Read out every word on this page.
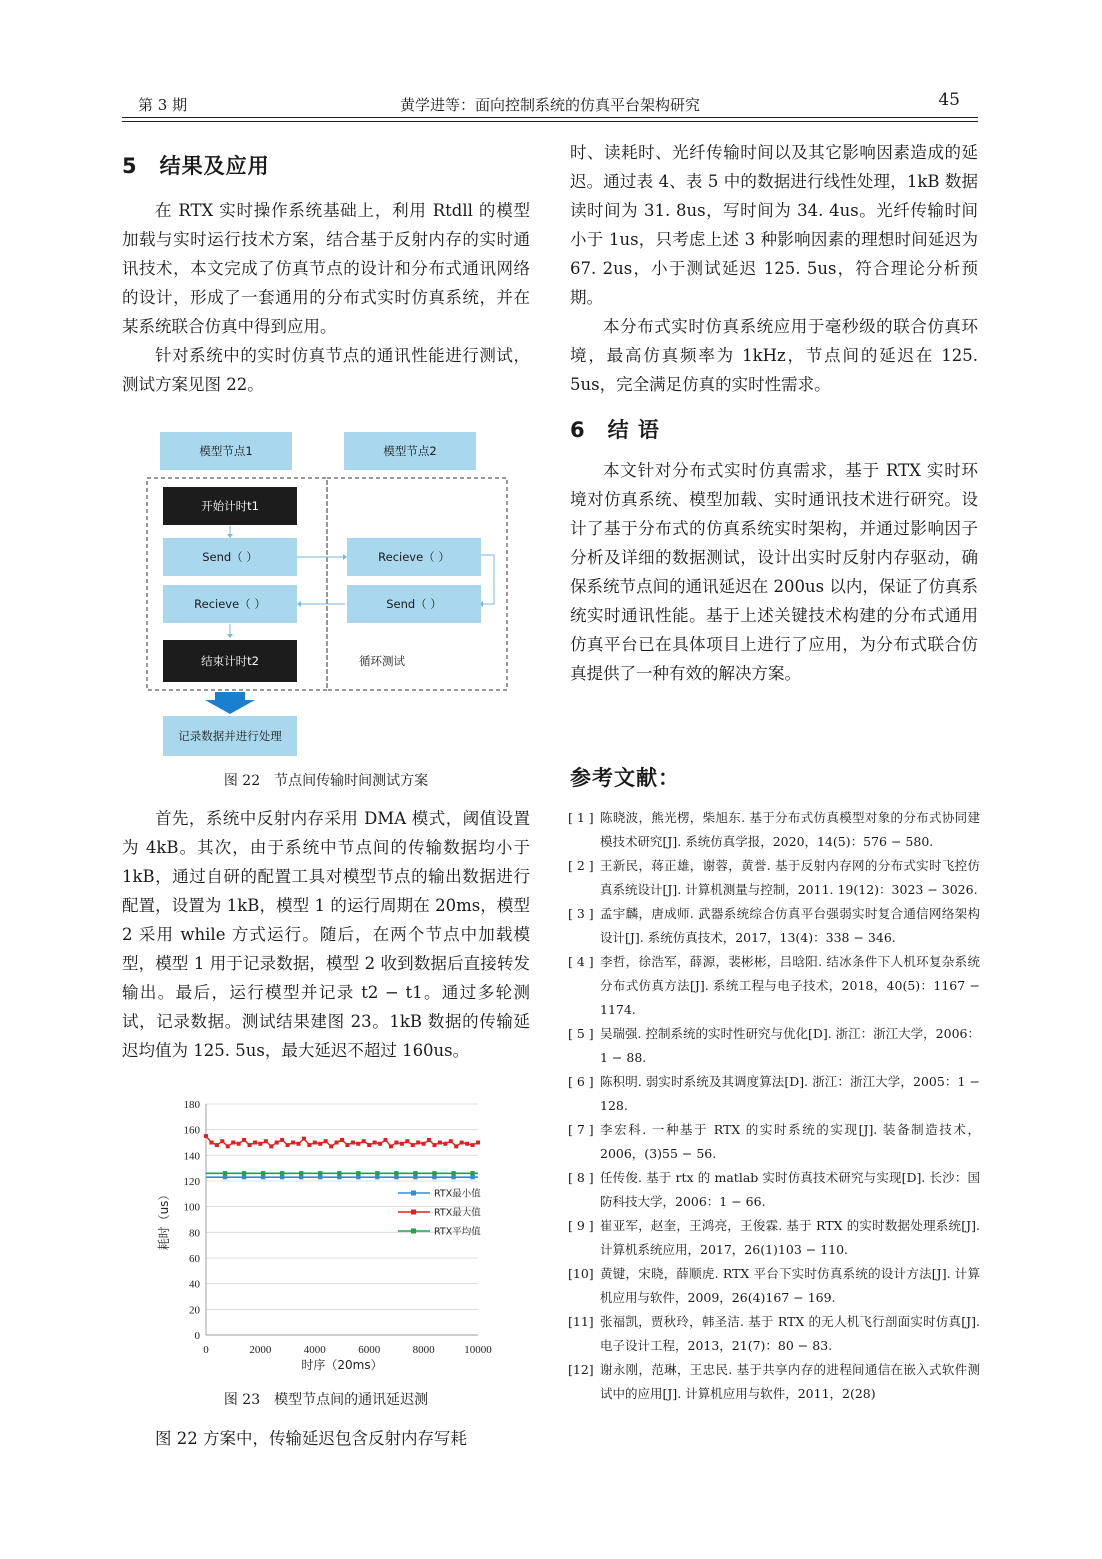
第 3 期	黄学进等：面向控制系统的仿真平台架构研究	45
5　结果及应用

在 RTX 实时操作系统基础上，利用 Rtdll 的模型加载与实时运行技术方案，结合基于反射内存的实时通讯技术，本文完成了仿真节点的设计和分布式通讯网络的设计，形成了一套通用的分布式实时仿真系统，并在某系统联合仿真中得到应用。

针对系统中的实时仿真节点的通讯性能进行测试，测试方案见图 22。

模型节点1	模型节点2
开始计时t1
Send（ ）	Recieve（ ）
Recieve（ ）	Send（ ）
结束计时t2	循环测试
记录数据并进行处理
图 22　节点间传输时间测试方案

首先，系统中反射内存采用 DMA 模式，阈值设置为 4kB。其次，由于系统中节点间的传输数据均小于 1kB，通过自研的配置工具对模型节点的输出数据进行配置，设置为 1kB，模型 1 的运行周期在 20ms，模型 2 采用 while 方式运行。随后，在两个节点中加载模型，模型 1 用于记录数据，模型 2 收到数据后直接转发输出。最后，运行模型并记录 t2 − t1。通过多轮测试，记录数据。测试结果建图 23。1kB 数据的传输延迟均值为 125. 5us，最大延迟不超过 160us。

0
20
40
60
80
100
120
140
160
180
0	2000	4000	6000	8000	10000
时序（20ms）
耗时（us）	RTX最小值
RTX最大值
RTX平均值
图 23　模型节点间的通讯延迟测

图 22 方案中，传输延迟包含反射内存写耗

时、读耗时、光纤传输时间以及其它影响因素造成的延迟。通过表 4、表 5 中的数据进行线性处理，1kB 数据读时间为 31. 8us，写时间为 34. 4us。光纤传输时间小于 1us，只考虑上述 3 种影响因素的理想时间延迟为 67. 2us，小于测试延迟 125. 5us，符合理论分析预期。

本分布式实时仿真系统应用于毫秒级的联合仿真环境，最高仿真频率为 1kHz，节点间的延迟在 125. 5us，完全满足仿真的实时性需求。

6　结 语

本文针对分布式实时仿真需求，基于 RTX 实时环境对仿真系统、模型加载、实时通讯技术进行研究。设计了基于分布式的仿真系统实时架构，并通过影响因子分析及详细的数据测试，设计出实时反射内存驱动，确保系统节点间的通讯延迟在 200us 以内，保证了仿真系统实时通讯性能。基于上述关键技术构建的分布式通用仿真平台已在具体项目上进行了应用，为分布式联合仿真提供了一种有效的解决方案。

参考文献：

[ 1 ] 陈晓波，熊光楞，柴旭东. 基于分布式仿真模型对象的分布式协同建模技术研究[J]. 系统仿真学报，2020，14(5)：576 − 580.

[ 2 ] 王新民，蒋正雄，谢蓉，黄誉. 基于反射内存网的分布式实时飞控仿真系统设计[J]. 计算机测量与控制，2011. 19(12)：3023 − 3026.

[ 3 ] 孟宇麟，唐成师. 武器系统综合仿真平台强弱实时复合通信网络架构设计[J]. 系统仿真技术，2017，13(4)：338 − 346.

[ 4 ] 李哲，徐浩军，薛源，裴彬彬，吕晗阳. 结冰条件下人机环复杂系统分布式仿真方法[J]. 系统工程与电子技术，2018，40(5)：1167 − 1174.

[ 5 ] 吴瑞强. 控制系统的实时性研究与优化[D]. 浙江：浙江大学，2006：1 − 88.

[ 6 ] 陈积明. 弱实时系统及其调度算法[D]. 浙江：浙江大学，2005：1 − 128.

[ 7 ] 李宏科. 一种基于 RTX 的实时系统的实现[J]. 装备制造技术，2006，(3)55 − 56.

[ 8 ] 任传俊. 基于 rtx 的 matlab 实时仿真技术研究与实现[D]. 长沙：国防科技大学，2006：1 − 66.

[ 9 ] 崔亚军，赵奎，王鸿亮，王俊霖. 基于 RTX 的实时数据处理系统[J]. 计算机系统应用，2017，26(1)103 − 110.

[10] 黄键，宋晓，薛顺虎. RTX 平台下实时仿真系统的设计方法[J]. 计算机应用与软件，2009，26(4)167 − 169.

[11] 张福凯，贾秋玲，韩圣洁. 基于 RTX 的无人机飞行剖面实时仿真[J]. 电子设计工程，2013，21(7)：80 − 83.

[12] 谢永刚，范琳，王忠民. 基于共享内存的进程间通信在嵌入式软件测试中的应用[J]. 计算机应用与软件，2011，2(28)
